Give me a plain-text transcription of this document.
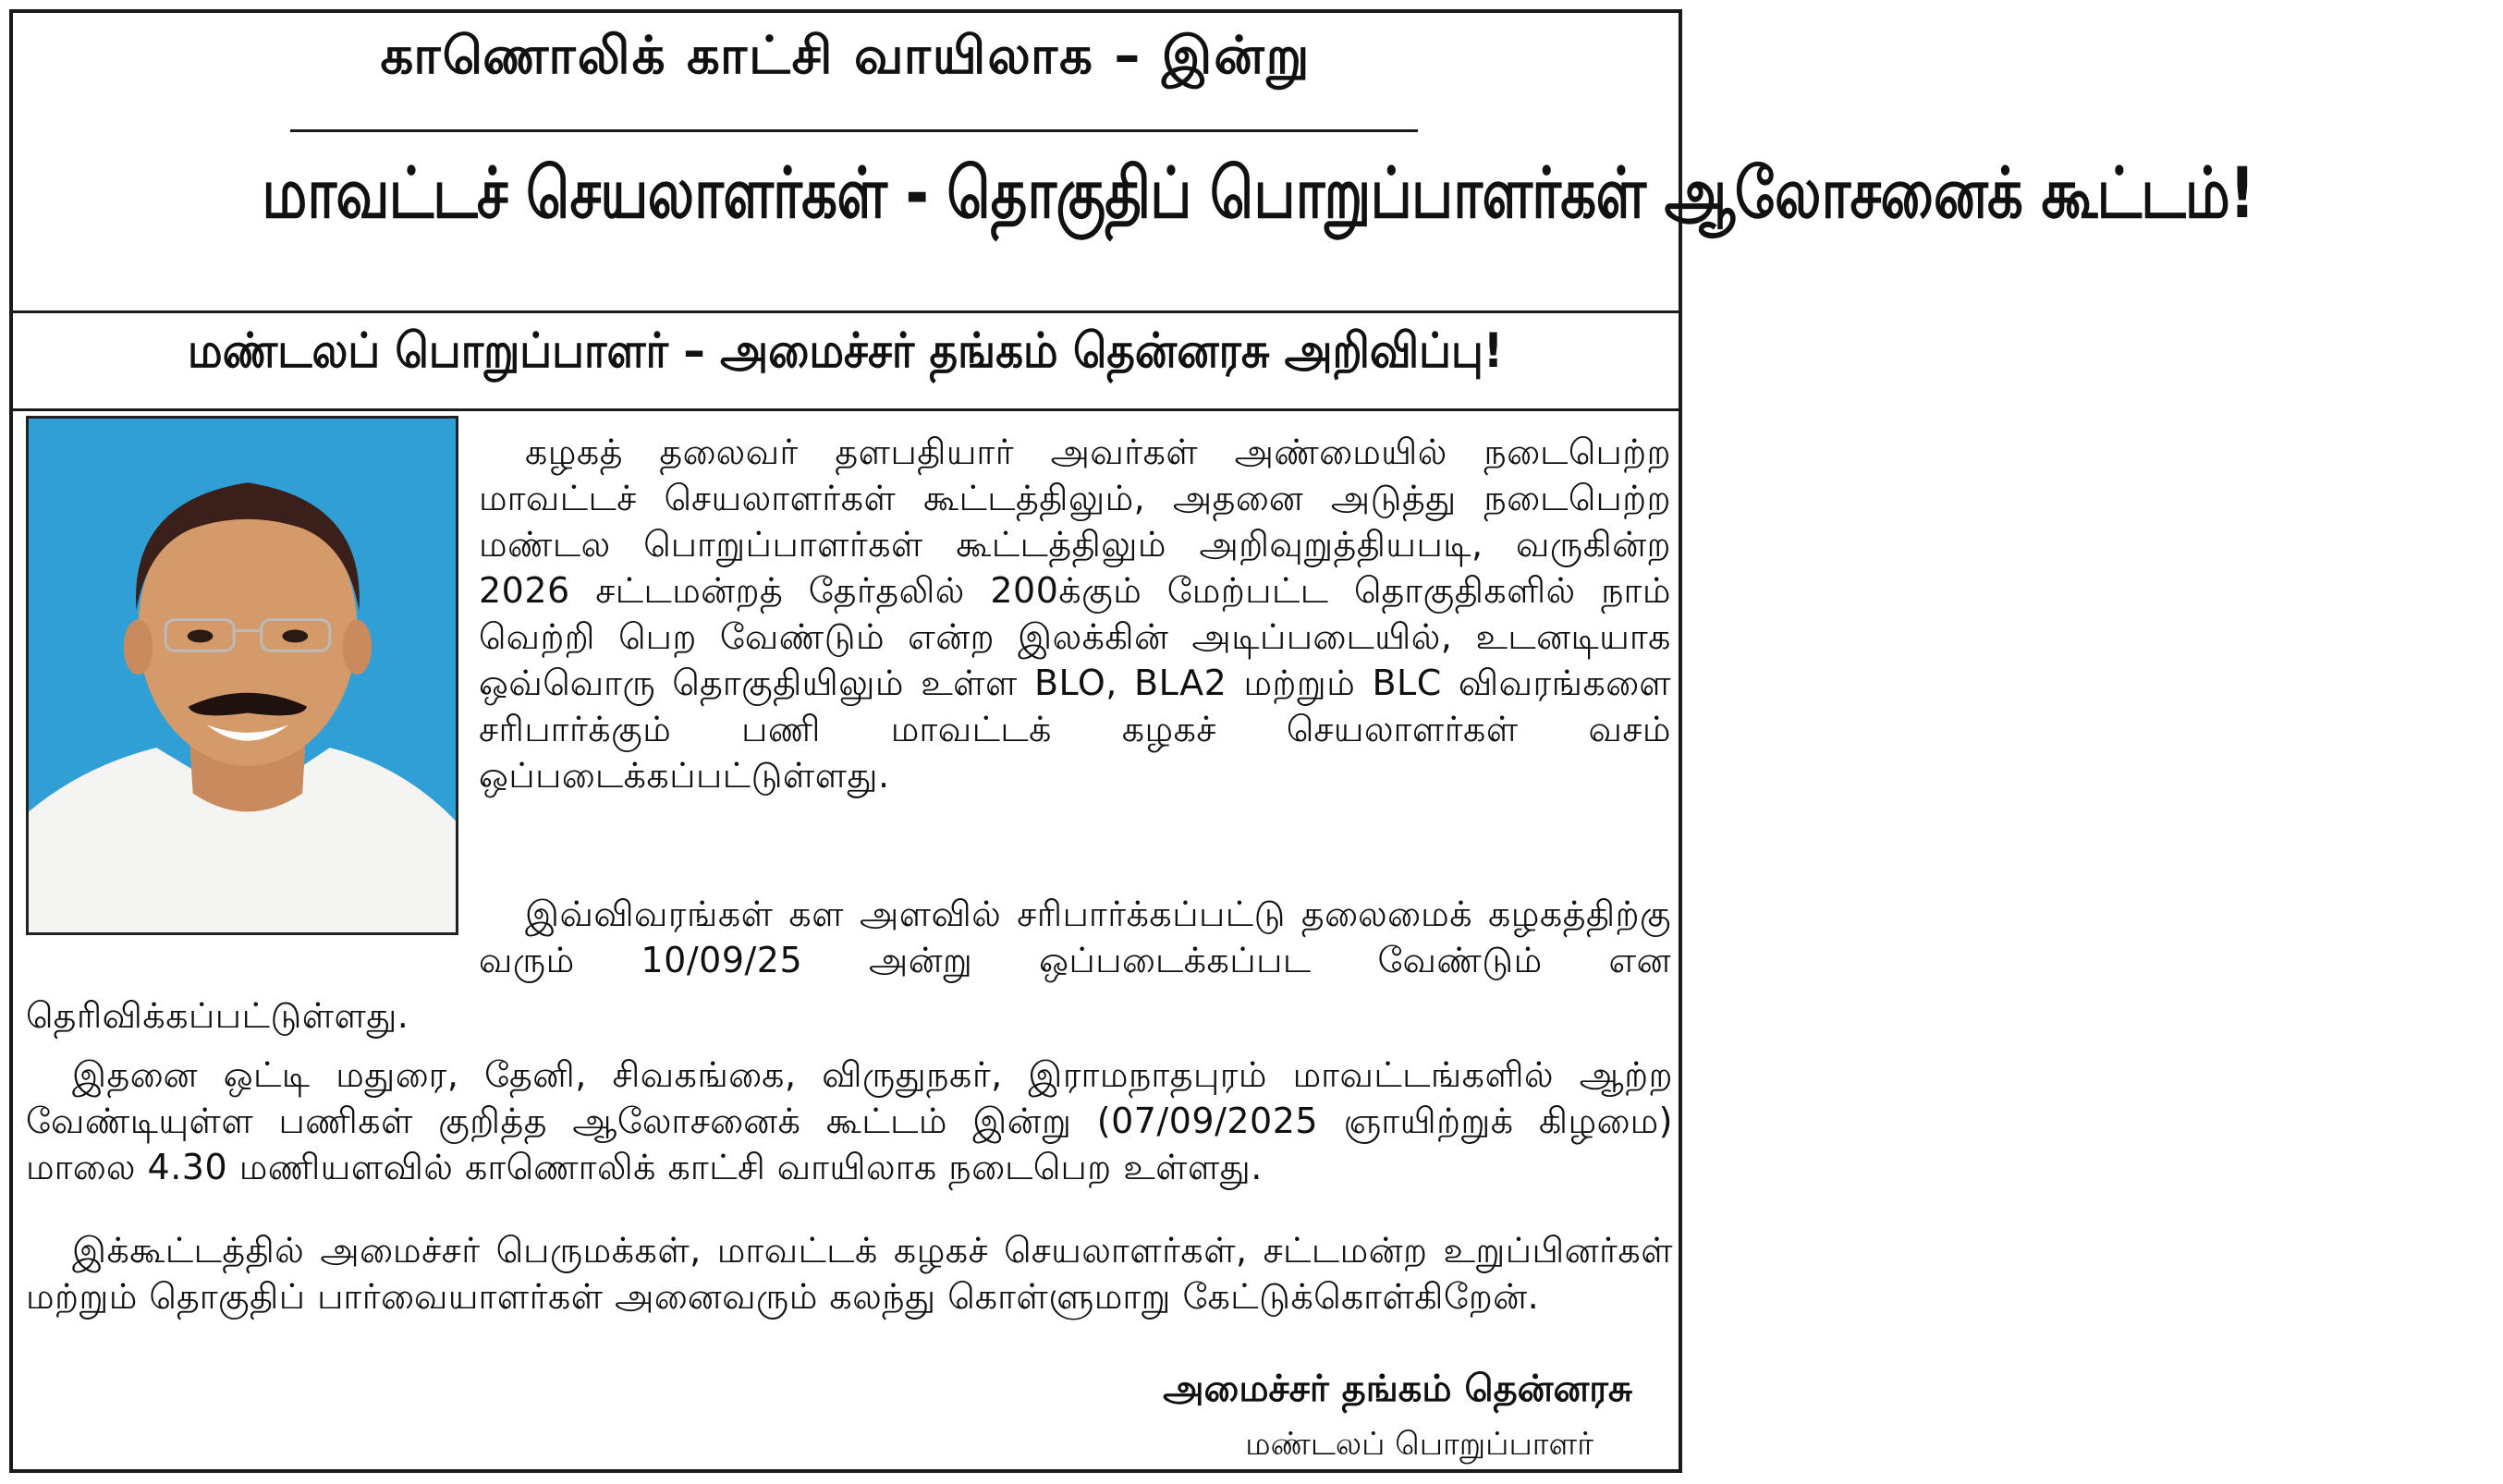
காணொலிக் காட்சி வாயிலாக – இன்று
மாவட்டச் செயலாளர்கள் - தொகுதிப் பொறுப்பாளர்கள் ஆலோசனைக் கூட்டம்!
மண்டலப் பொறுப்பாளர் – அமைச்சர் தங்கம் தென்னரசு அறிவிப்பு!

கழகத் தலைவர் தளபதியார் அவர்கள் அண்மையில் நடைபெற்ற மாவட்டச் செயலாளர்கள் கூட்டத்திலும், அதனை அடுத்து நடைபெற்ற மண்டல பொறுப்பாளர்கள் கூட்டத்திலும் அறிவுறுத்தியபடி, வருகின்ற 2026 சட்டமன்றத் தேர்தலில் 200க்கும் மேற்பட்ட தொகுதிகளில் நாம் வெற்றி பெற வேண்டும் என்ற இலக்கின் அடிப்படையில், உடனடியாக ஒவ்வொரு தொகுதியிலும் உள்ள BLO, BLA2 மற்றும் BLC விவரங்களை சரிபார்க்கும் பணி மாவட்டக் கழகச் செயலாளர்கள் வசம் ஒப்படைக்கப்பட்டுள்ளது.

இவ்விவரங்கள் கள அளவில் சரிபார்க்கப்பட்டு தலைமைக் கழகத்திற்கு வரும் 10/09/25 அன்று ஒப்படைக்கப்பட வேண்டும் என

தெரிவிக்கப்பட்டுள்ளது.

இதனை ஒட்டி மதுரை, தேனி, சிவகங்கை, விருதுநகர், இராமநாதபுரம் மாவட்டங்களில் ஆற்ற வேண்டியுள்ள பணிகள் குறித்த ஆலோசனைக் கூட்டம் இன்று (07/09/2025 ஞாயிற்றுக் கிழமை) மாலை 4.30 மணியளவில் காணொலிக் காட்சி வாயிலாக நடைபெற உள்ளது.

இக்கூட்டத்தில் அமைச்சர் பெருமக்கள், மாவட்டக் கழகச் செயலாளர்கள், சட்டமன்ற உறுப்பினர்கள் மற்றும் தொகுதிப் பார்வையாளர்கள் அனைவரும் கலந்து கொள்ளுமாறு கேட்டுக்கொள்கிறேன்.

அமைச்சர் தங்கம் தென்னரசு
மண்டலப் பொறுப்பாளர்
